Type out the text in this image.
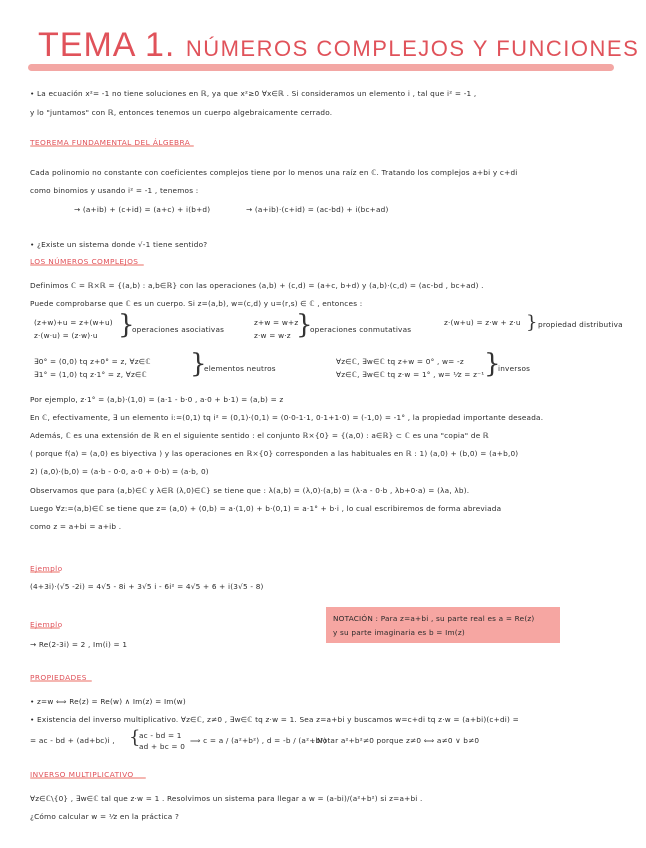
TEMA 1. NÚMEROS COMPLEJOS Y FUNCIONES
• La ecuación x²= -1 no tiene soluciones en ℝ, ya que x²≥0 ∀x∈ℝ . Si consideramos un elemento i , tal que i² = -1 ,
y lo "juntamos" con ℝ, entonces tenemos un cuerpo algebraicamente cerrado.
TEOREMA FUNDAMENTAL DEL ÁLGEBRA
Cada polinomio no constante con coeficientes complejos tiene por lo menos una raíz en ℂ. Tratando los complejos a+bi y c+di
como binomios y usando i² = -1 , tenemos :
→ (a+ib) + (c+id) = (a+c) + i(b+d)	→ (a+ib)·(c+id) = (ac-bd) + i(bc+ad)
• ¿Existe un sistema donde √-1 tiene sentido?
LOS NÚMEROS COMPLEJOS
Definimos ℂ = ℝ×ℝ = {(a,b) : a,b∈ℝ} con las operaciones (a,b) + (c,d) = (a+c, b+d) y (a,b)·(c,d) = (ac-bd , bc+ad) .
Puede comprobarse que ℂ es un cuerpo. Si z=(a,b), w=(c,d) y u=(r,s) ∈ ℂ , entonces :
(z+w)+u = z+(w+u)
z·(w·u) = (z·w)·u }
operaciones asociativas
z+w = w+z
z·w = w·z }
operaciones conmutativas
z·(w+u) = z·w + z·u } propiedad distributiva
∃0° = (0,0) tq z+0° = z, ∀z∈ℂ
∃1° = (1,0) tq z·1° = z, ∀z∈ℂ }
elementos neutros
∀z∈ℂ, ∃w∈ℂ tq z+w = 0° , w= -z
∀z∈ℂ, ∃w∈ℂ tq z·w = 1° , w= ¹⁄z = z⁻¹ }
inversos
Por ejemplo, z·1° = (a,b)·(1,0) = (a·1 - b·0 , a·0 + b·1) = (a,b) = z
En ℂ, efectivamente, ∃ un elemento i:=(0,1) tq i² = (0,1)·(0,1) = (0·0-1·1, 0·1+1·0) = (-1,0) = -1° , la propiedad importante deseada.
Además, ℂ es una extensión de ℝ en el siguiente sentido : el conjunto ℝ×{0} = {(a,0) : a∈ℝ} ⊂ ℂ es una "copia" de ℝ
( porque f(a) = (a,0) es biyectiva ) y las operaciones en ℝ×{0} corresponden a las habituales en ℝ : 1) (a,0) + (b,0) = (a+b,0)
2) (a,0)·(b,0) = (a·b - 0·0, a·0 + 0·b) = (a·b, 0)
Observamos que para (a,b)∈ℂ y λ∈ℝ (λ,0)∈ℂ} se tiene que : λ(a,b) = (λ,0)·(a,b) = (λ·a - 0·b , λb+0·a) = (λa, λb).
Luego ∀z:=(a,b)∈ℂ se tiene que z= (a,0) + (0,b) = a·(1,0) + b·(0,1) = a·1° + b·i , lo cual escribiremos de forma abreviada
como z = a+bi = a+ib .
Ejemplo
(4+3i)·(√5 -2i) = 4√5 - 8i + 3√5 i - 6i² = 4√5 + 6 + i(3√5 - 8)
Ejemplo
→ Re(2-3i) = 2 , Im(i) = 1
NOTACIÓN : Para z=a+bi , su parte real es a = Re(z)
y su parte imaginaria es b = Im(z)
PROPIEDADES
• z=w ⟺ Re(z) = Re(w) ∧ Im(z) = Im(w)
• Existencia del inverso multiplicativo. ∀z∈ℂ, z≠0 , ∃w∈ℂ tq z·w = 1. Sea z=a+bi y buscamos w=c+di tq z·w = (a+bi)(c+di) =
= ac - bd + (ad+bc)i , {
ac - bd = 1
ad + bc = 0
⟹ c = a / (a²+b²) , d = -b / (a²+b²)
. Notar a²+b²≠0 porque z≠0 ⟺ a≠0 ∨ b≠0
INVERSO MULTIPLICATIVO
∀z∈ℂ\{0} , ∃w∈ℂ tal que z·w = 1 . Resolvimos un sistema para llegar a w = (a-bi)/(a²+b²) si z=a+bi .
¿Cómo calcular w = ¹⁄z en la práctica ?
